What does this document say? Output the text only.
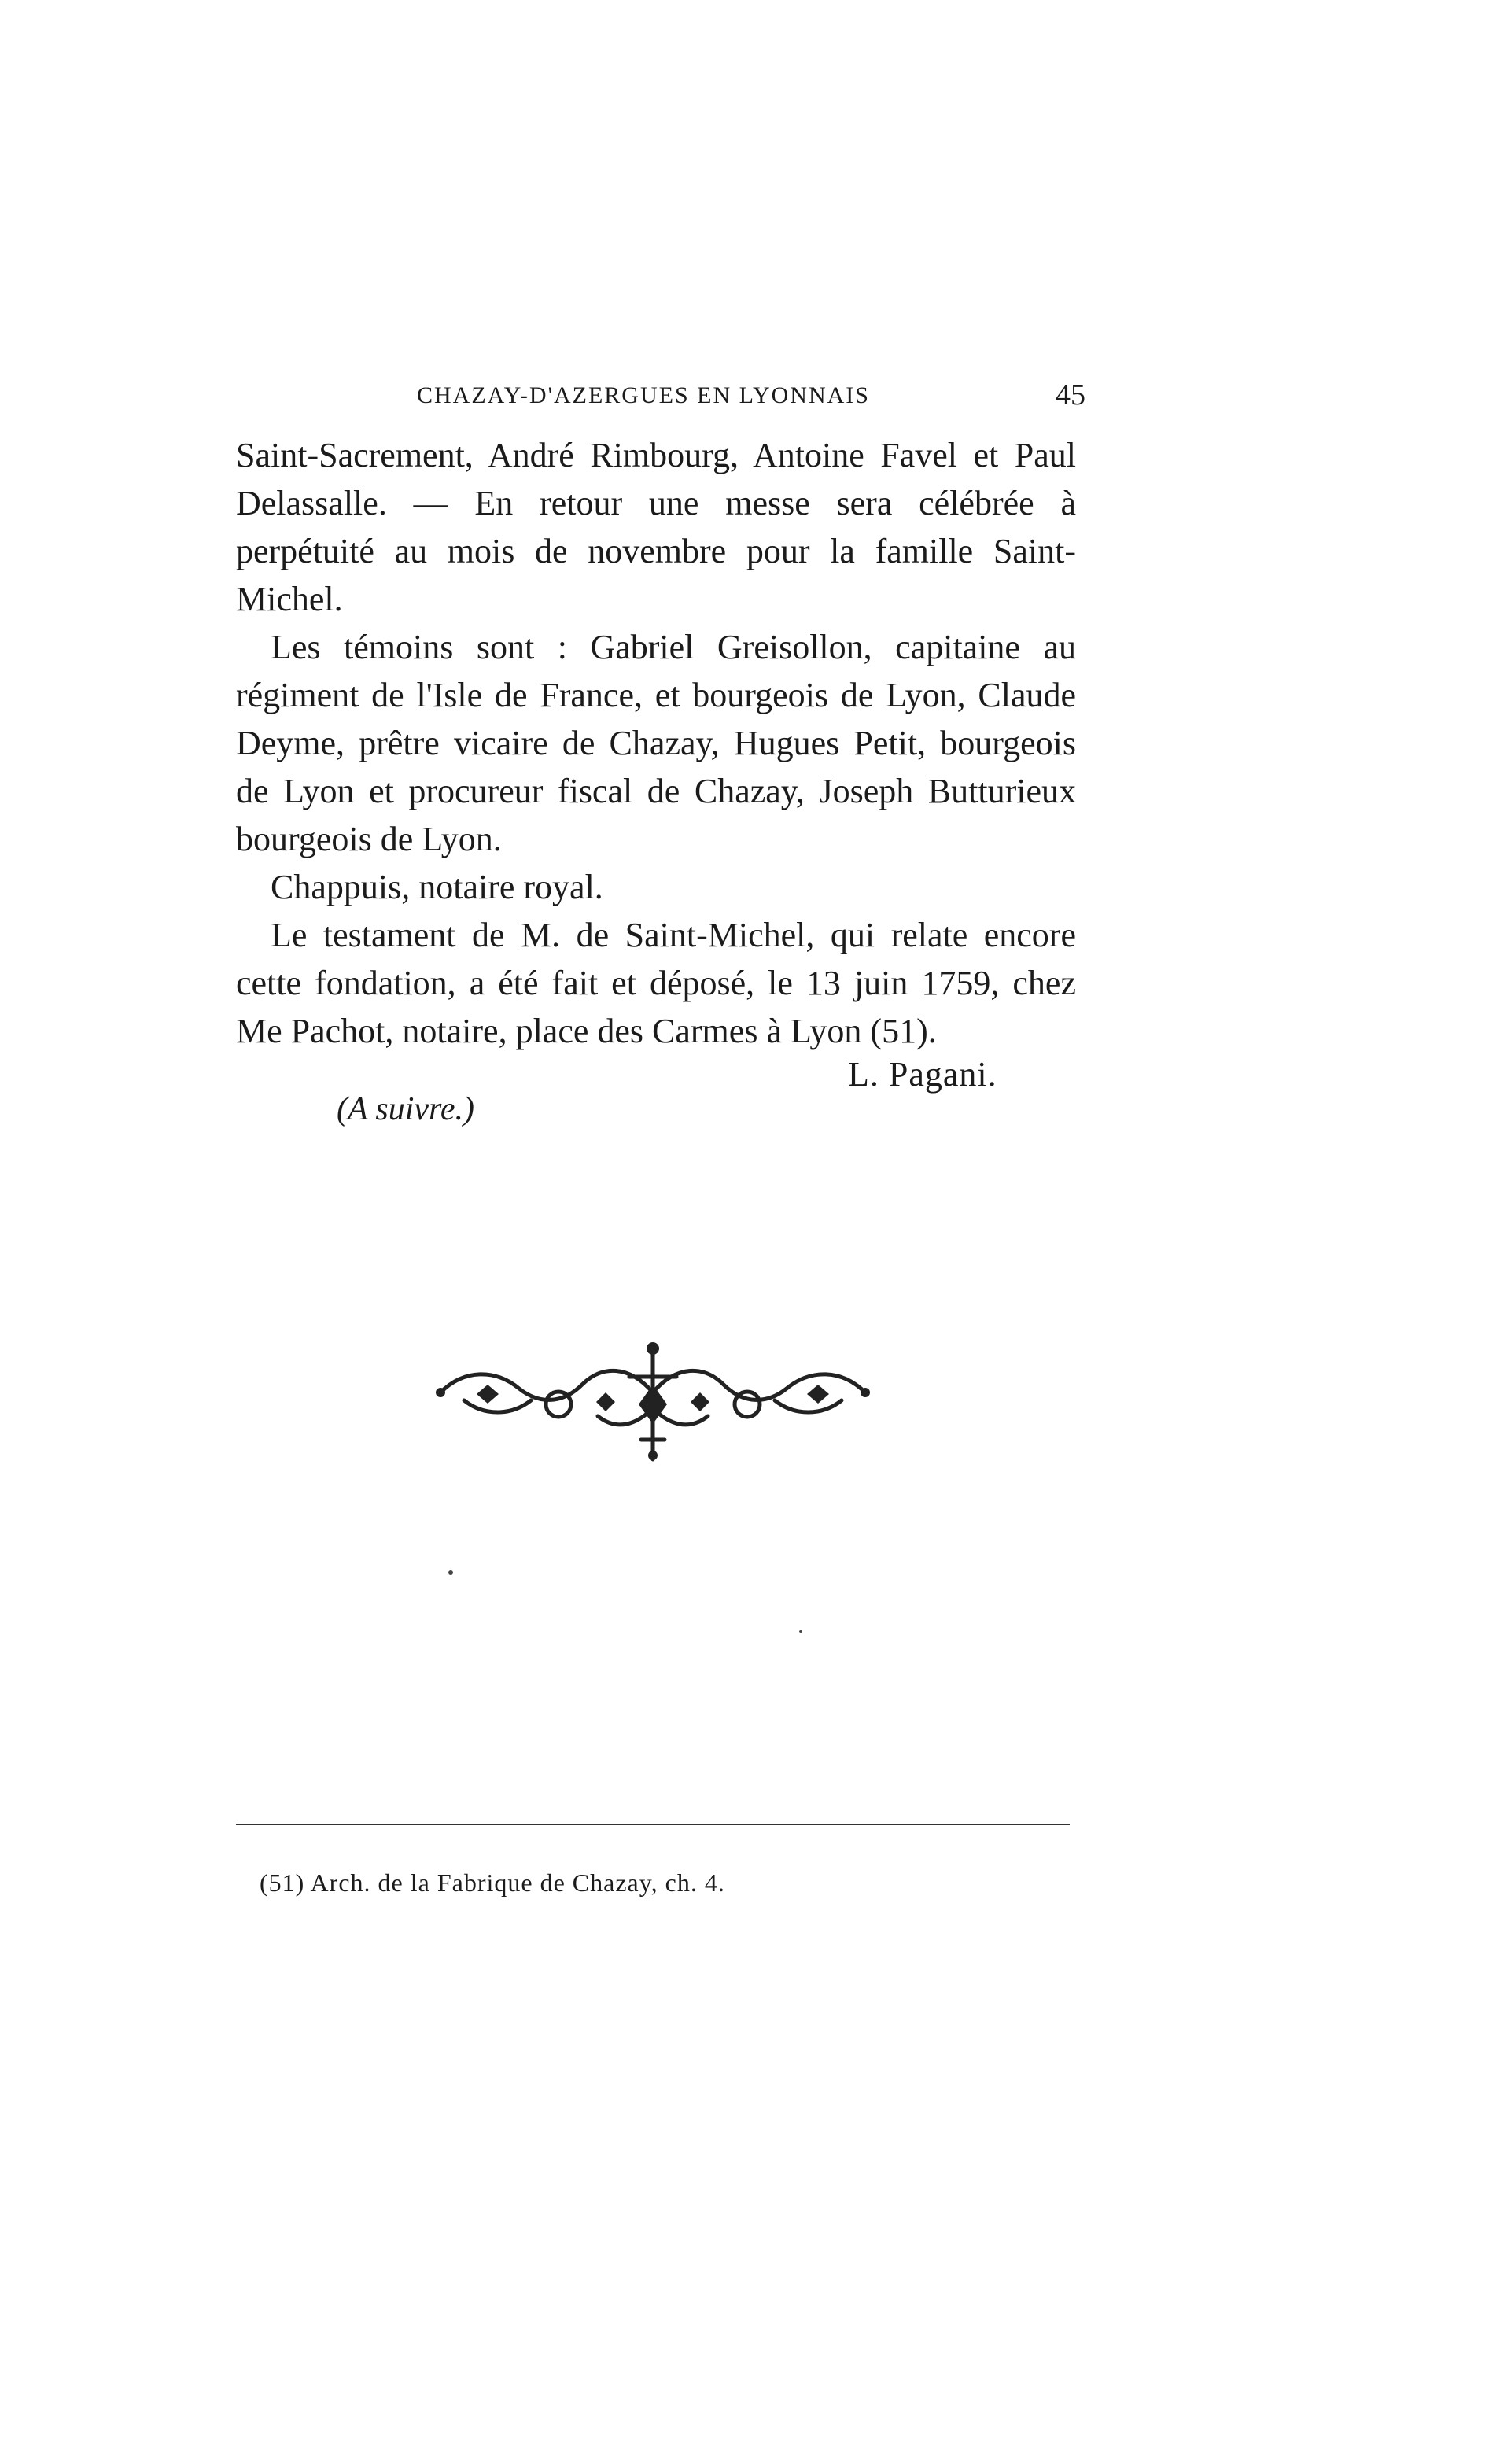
CHAZAY-D'AZERGUES EN LYONNAIS	45

Saint-Sacrement, André Rimbourg, Antoine Favel et Paul Delassalle. — En retour une messe sera célébrée à perpétuité au mois de novembre pour la famille Saint-Michel.

Les témoins sont : Gabriel Greisollon, capitaine au régiment de l'Isle de France, et bourgeois de Lyon, Claude Deyme, prêtre vicaire de Chazay, Hugues Petit, bourgeois de Lyon et procureur fiscal de Chazay, Joseph Butturieux bourgeois de Lyon.

Chappuis, notaire royal.

Le testament de M. de Saint-Michel, qui relate encore cette fondation, a été fait et déposé, le 13 juin 1759, chez Me Pachot, notaire, place des Carmes à Lyon (51).

(A suivre.)
L. Pagani.
(51) Arch. de la Fabrique de Chazay, ch. 4.
